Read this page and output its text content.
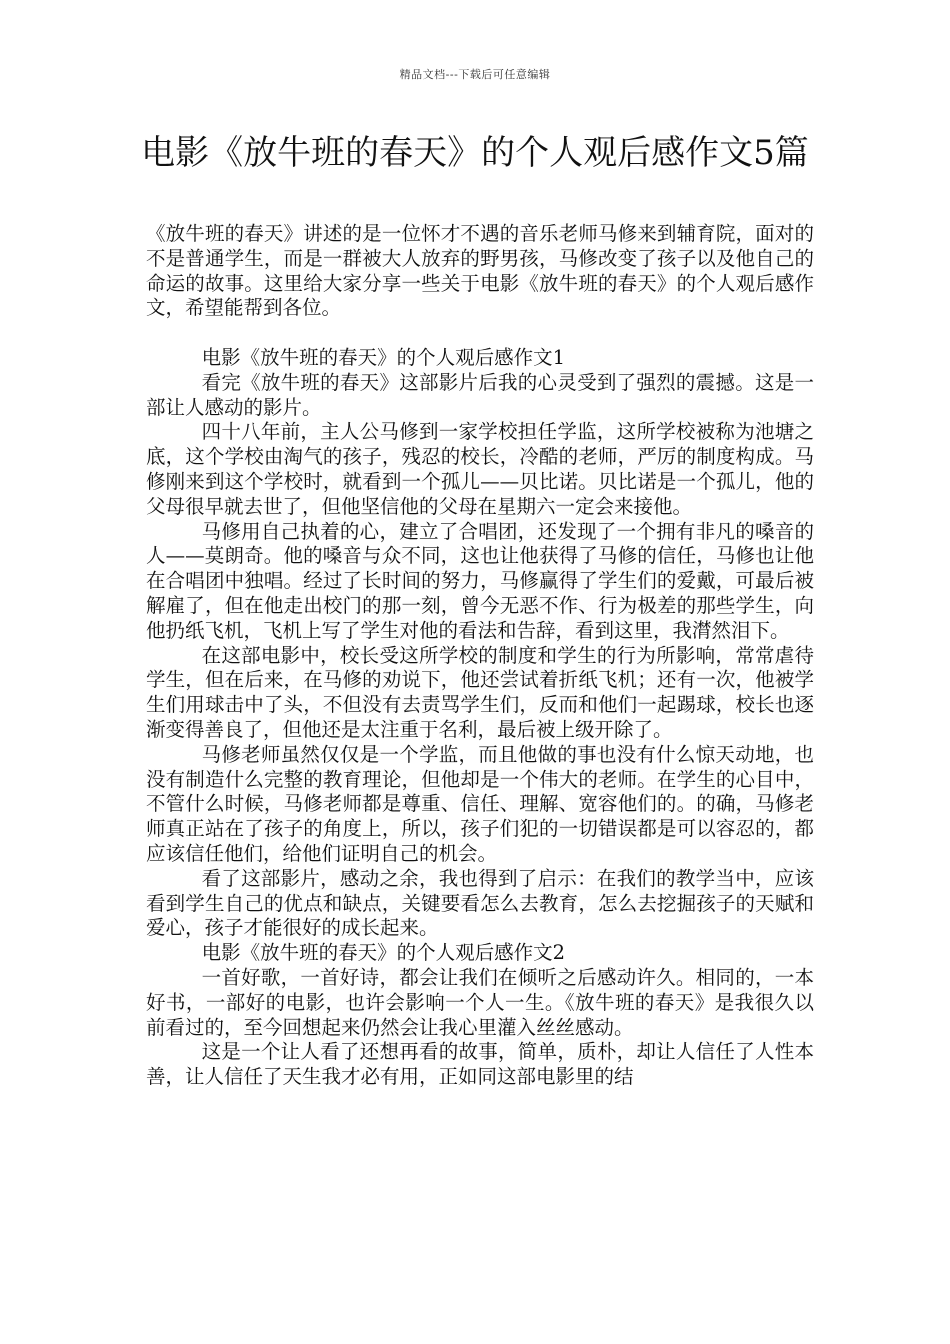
精品文档---下载后可任意编辑
电影《放牛班的春天》的个人观后感作文5篇

《放牛班的春天》讲述的是一位怀才不遇的音乐老师马修来到辅育院，面对的不是普通学生，而是一群被大人放弃的野男孩，马修改变了孩子以及他自己的命运的故事。这里给大家分享一些关于电影《放牛班的春天》的个人观后感作文，希望能帮到各位。

电影《放牛班的春天》的个人观后感作文1

看完《放牛班的春天》这部影片后我的心灵受到了强烈的震撼。这是一部让人感动的影片。

四十八年前，主人公马修到一家学校担任学监，这所学校被称为池塘之底，这个学校由淘气的孩子，残忍的校长，冷酷的老师，严厉的制度构成。马修刚来到这个学校时，就看到一个孤儿——贝比诺。贝比诺是一个孤儿，他的父母很早就去世了，但他坚信他的父母在星期六一定会来接他。

马修用自己执着的心，建立了合唱团，还发现了一个拥有非凡的嗓音的人——莫朗奇。他的嗓音与众不同，这也让他获得了马修的信任，马修也让他在合唱团中独唱。经过了长时间的努力，马修赢得了学生们的爱戴，可最后被解雇了，但在他走出校门的那一刻，曾今无恶不作、行为极差的那些学生，向他扔纸飞机，飞机上写了学生对他的看法和告辞，看到这里，我潸然泪下。

在这部电影中，校长受这所学校的制度和学生的行为所影响，常常虐待学生，但在后来，在马修的劝说下，他还尝试着折纸飞机；还有一次，他被学生们用球击中了头，不但没有去责骂学生们，反而和他们一起踢球，校长也逐渐变得善良了，但他还是太注重于名利，最后被上级开除了。

马修老师虽然仅仅是一个学监，而且他做的事也没有什么惊天动地，也没有制造什么完整的教育理论，但他却是一个伟大的老师。在学生的心目中，不管什么时候，马修老师都是尊重、信任、理解、宽容他们的。的确，马修老师真正站在了孩子的角度上，所以，孩子们犯的一切错误都是可以容忍的，都应该信任他们，给他们证明自己的机会。

看了这部影片，感动之余，我也得到了启示：在我们的教学当中，应该看到学生自己的优点和缺点，关键要看怎么去教育，怎么去挖掘孩子的天赋和爱心，孩子才能很好的成长起来。

电影《放牛班的春天》的个人观后感作文2

一首好歌，一首好诗，都会让我们在倾听之后感动许久。相同的，一本好书，一部好的电影，也许会影响一个人一生。《放牛班的春天》是我很久以前看过的，至今回想起来仍然会让我心里灌入丝丝感动。

这是一个让人看了还想再看的故事，简单，质朴，却让人信任了人性本善，让人信任了天生我才必有用，正如同这部电影里的结
